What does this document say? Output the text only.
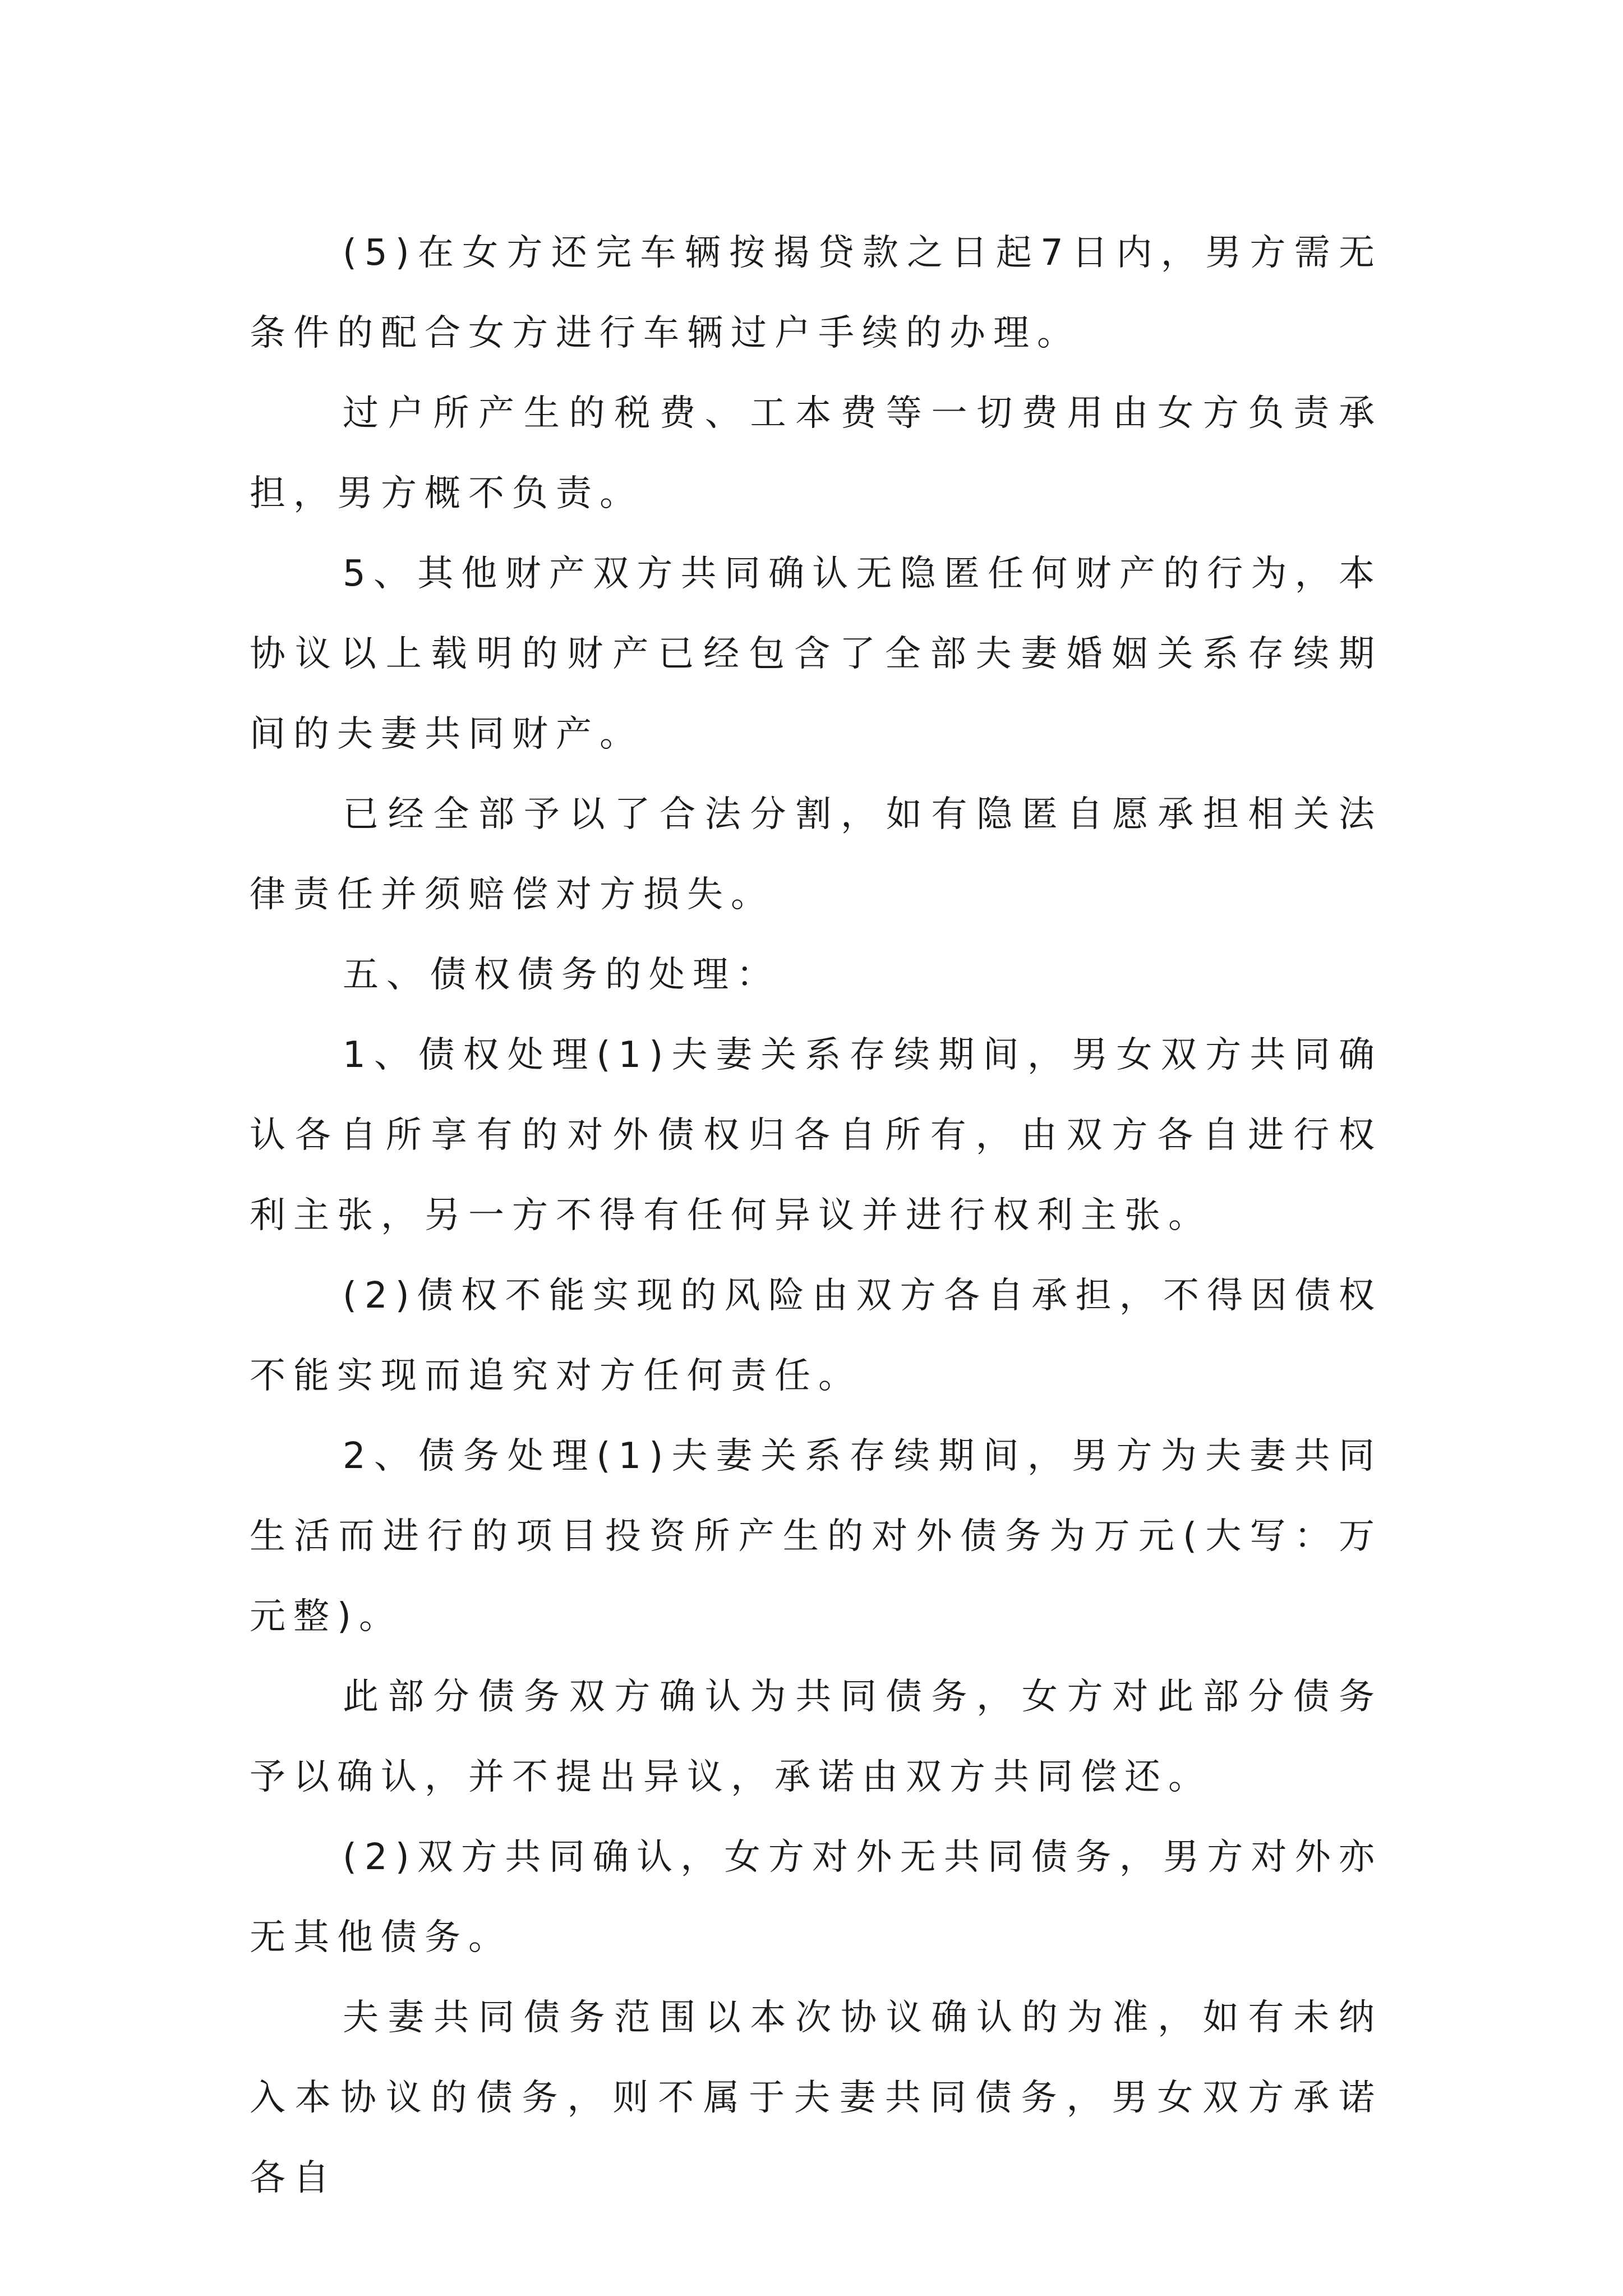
(5)在女方还完车辆按揭贷款之日起7日内，男方需无条件的配合女方进行车辆过户手续的办理。

过户所产生的税费、工本费等一切费用由女方负责承担，男方概不负责。

5、其他财产双方共同确认无隐匿任何财产的行为，本协议以上载明的财产已经包含了全部夫妻婚姻关系存续期间的夫妻共同财产。

已经全部予以了合法分割，如有隐匿自愿承担相关法律责任并须赔偿对方损失。

五、债权债务的处理：

1、债权处理(1)夫妻关系存续期间，男女双方共同确认各自所享有的对外债权归各自所有，由双方各自进行权利主张，另一方不得有任何异议并进行权利主张。

(2)债权不能实现的风险由双方各自承担，不得因债权不能实现而追究对方任何责任。

2、债务处理(1)夫妻关系存续期间，男方为夫妻共同生活而进行的项目投资所产生的对外债务为万元(大写：万元整)。

此部分债务双方确认为共同债务，女方对此部分债务予以确认，并不提出异议，承诺由双方共同偿还。

(2)双方共同确认，女方对外无共同债务，男方对外亦无其他债务。

夫妻共同债务范围以本次协议确认的为准，如有未纳入本协议的债务，则不属于夫妻共同债务，男女双方承诺各自
